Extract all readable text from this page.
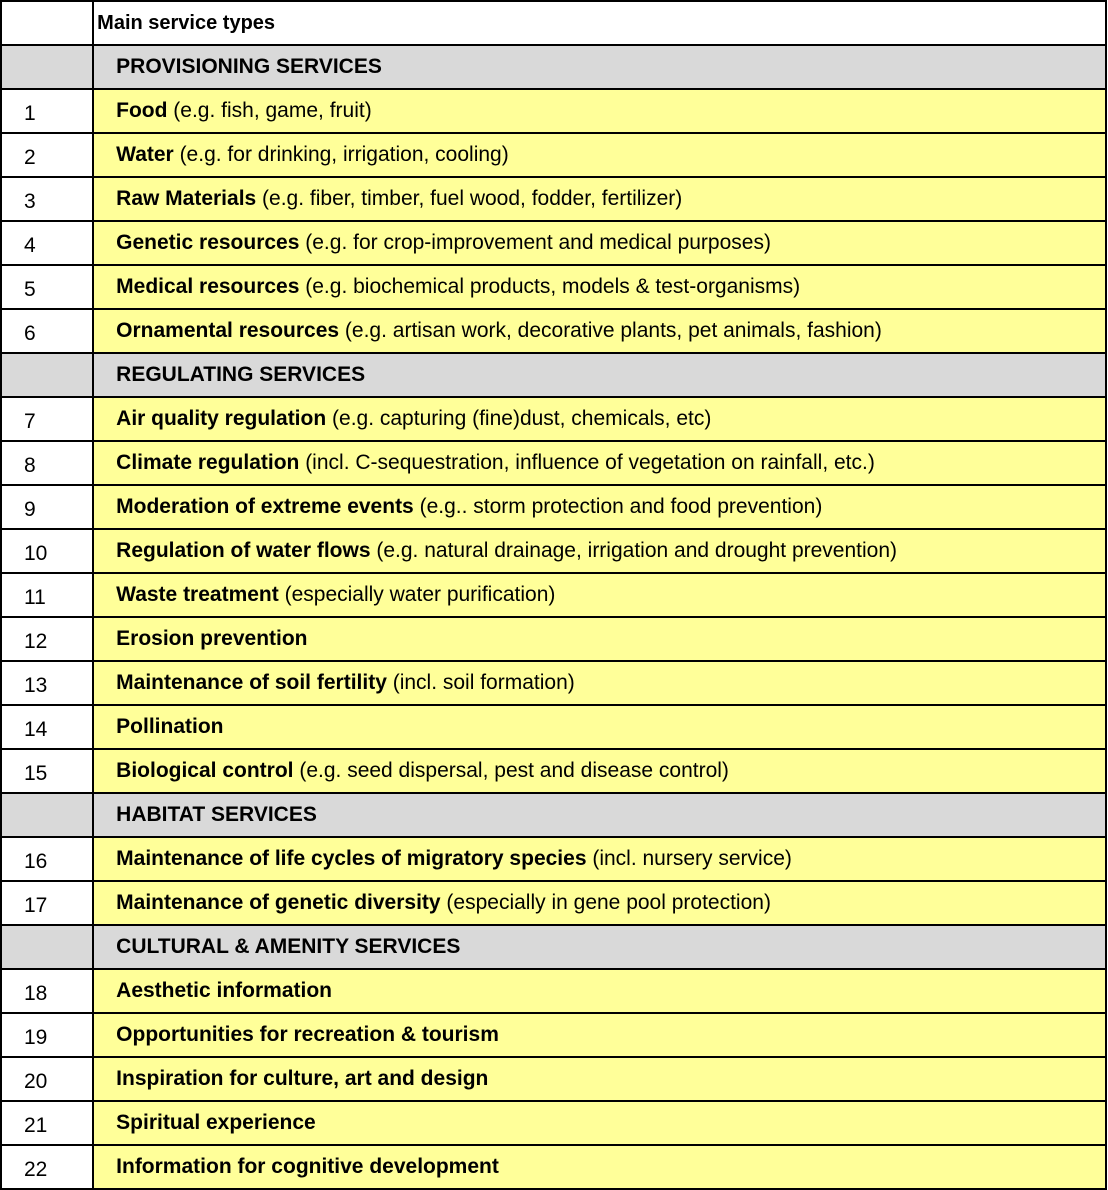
	Main service types
	PROVISIONING SERVICES
1	Food (e.g. fish, game, fruit)
2	Water (e.g. for drinking, irrigation, cooling)
3	Raw Materials (e.g. fiber, timber, fuel wood, fodder, fertilizer)
4	Genetic resources (e.g. for crop-improvement and medical purposes)
5	Medical resources (e.g. biochemical products, models & test-organisms)
6	Ornamental resources (e.g. artisan work, decorative plants, pet animals, fashion)
	REGULATING SERVICES
7	Air quality regulation (e.g. capturing (fine)dust, chemicals, etc)
8	Climate regulation (incl. C-sequestration, influence of vegetation on rainfall, etc.)
9	Moderation of extreme events (e.g.. storm protection and food prevention)
10	Regulation of water flows (e.g. natural drainage, irrigation and drought prevention)
11	Waste treatment (especially water purification)
12	Erosion prevention
13	Maintenance of soil fertility (incl. soil formation)
14	Pollination
15	Biological control (e.g. seed dispersal, pest and disease control)
	HABITAT SERVICES
16	Maintenance of life cycles of migratory species (incl. nursery service)
17	Maintenance of genetic diversity (especially in gene pool protection)
	CULTURAL & AMENITY SERVICES
18	Aesthetic information
19	Opportunities for recreation & tourism
20	Inspiration for culture, art and design
21	Spiritual experience
22	Information for cognitive development
